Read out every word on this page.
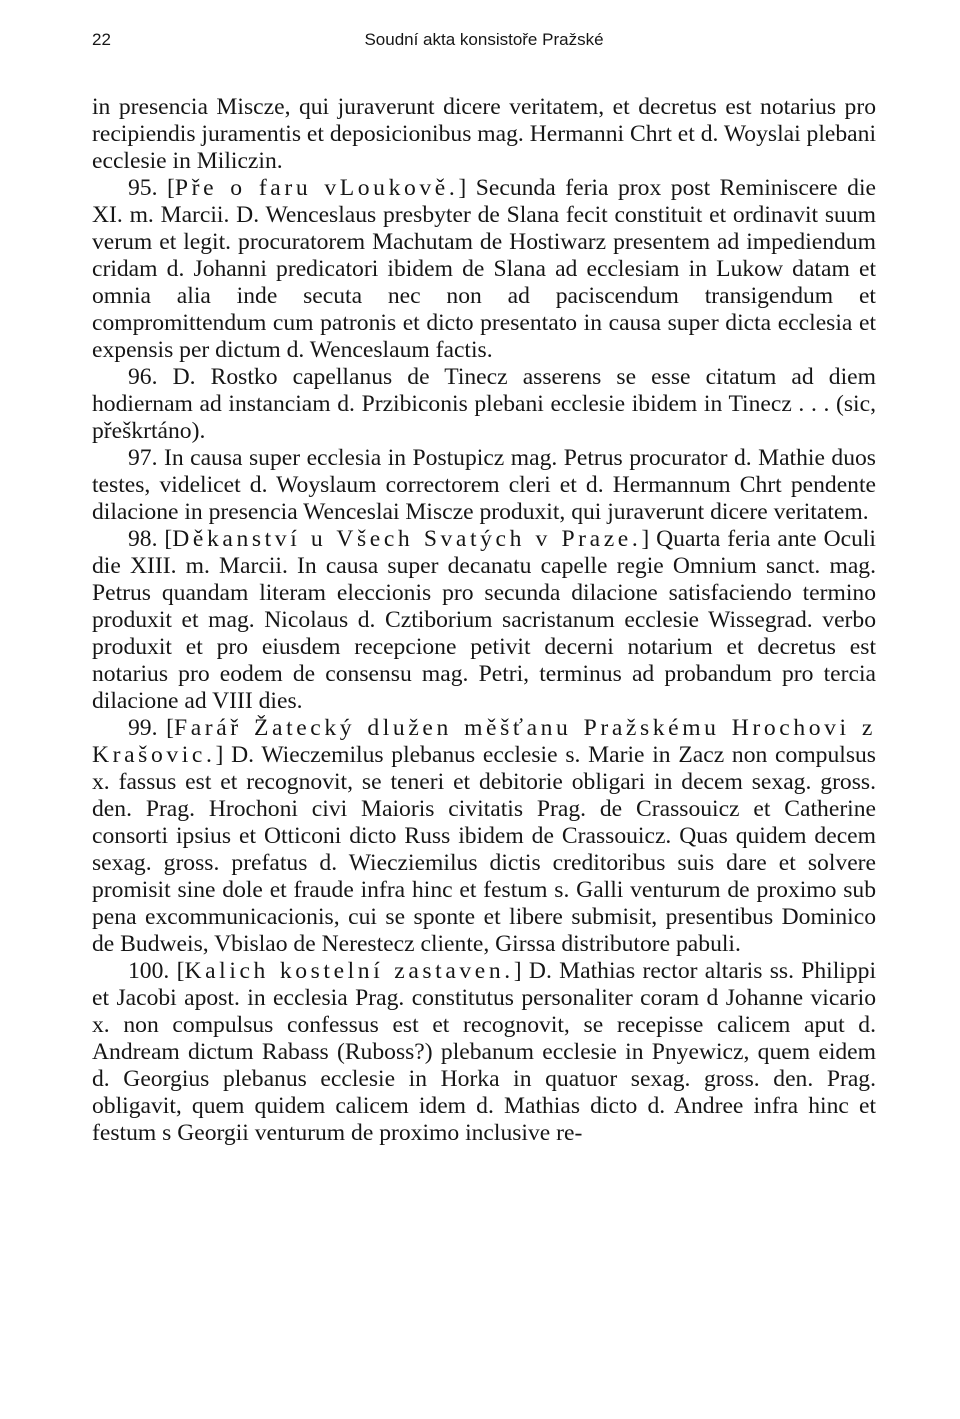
22	Soudní akta konsistoře Pražské

in presencia Miscze, qui juraverunt dicere veritatem, et decretus est notarius pro recipiendis juramentis et deposicionibus mag. Hermanni Chrt et d. Woyslai plebani ecclesie in Miliczin.

95. [Pře o faru vLoukově.] Secunda feria prox post Reminiscere die XI. m. Marcii. D. Wenceslaus presbyter de Slana fecit constituit et ordinavit suum verum et legit. procuratorem Machutam de Hostiwarz presentem ad impediendum cridam d. Johanni predicatori ibidem de Slana ad ecclesiam in Lukow datam et omnia alia inde secuta nec non ad paciscendum transigendum et compromittendum cum patronis et dicto presentato in causa super dicta ecclesia et expensis per dictum d. Wenceslaum factis.

96. D. Rostko capellanus de Tinecz asserens se esse citatum ad diem hodiernam ad instanciam d. Przibiconis plebani ecclesie ibidem in Tinecz . . . (sic, přeškrtáno).

97. In causa super ecclesia in Postupicz mag. Petrus procurator d. Mathie duos testes, videlicet d. Woyslaum correctorem cleri et d. Hermannum Chrt pendente dilacione in presencia Wenceslai Miscze produxit, qui juraverunt dicere veritatem.

98. [Děkanství u Všech Svatých v Praze.] Quarta feria ante Oculi die XIII. m. Marcii. In causa super decanatu capelle regie Omnium sanct. mag. Petrus quandam literam eleccionis pro secunda dilacione satisfaciendo termino produxit et mag. Nicolaus d. Cztiborium sacristanum ecclesie Wissegrad. verbo produxit et pro eiusdem recepcione petivit decerni notarium et decretus est notarius pro eodem de consensu mag. Petri, terminus ad probandum pro tercia dilacione ad VIII dies.

99. [Farář Žatecký dlužen měšťanu Pražskému Hrochovi z Krašovic.] D. Wieczemilus plebanus ecclesie s. Marie in Zacz non compulsus x. fassus est et recognovit, se teneri et debitorie obligari in decem sexag. gross. den. Prag. Hrochoni civi Maioris civitatis Prag. de Crassouicz et Catherine consorti ipsius et Otticoni dicto Russ ibidem de Crassouicz. Quas quidem decem sexag. gross. prefatus d. Wiecziemilus dictis creditoribus suis dare et solvere promisit sine dole et fraude infra hinc et festum s. Galli venturum de proximo sub pena excommunicacionis, cui se sponte et libere submisit, presentibus Dominico de Budweis, Vbislao de Nerestecz cliente, Girssa distributore pabuli.

100. [Kalich kostelní zastaven.] D. Mathias rector altaris ss. Philippi et Jacobi apost. in ecclesia Prag. constitutus personaliter coram d Johanne vicario x. non compulsus confessus est et recognovit, se recepisse calicem aput d. Andream dictum Rabass (Ruboss?) plebanum ecclesie in Pnyewicz, quem eidem d. Georgius plebanus ecclesie in Horka in quatuor sexag. gross. den. Prag. obligavit, quem quidem calicem idem d. Mathias dicto d. Andree infra hinc et festum s Georgii venturum de proximo inclusive re-
